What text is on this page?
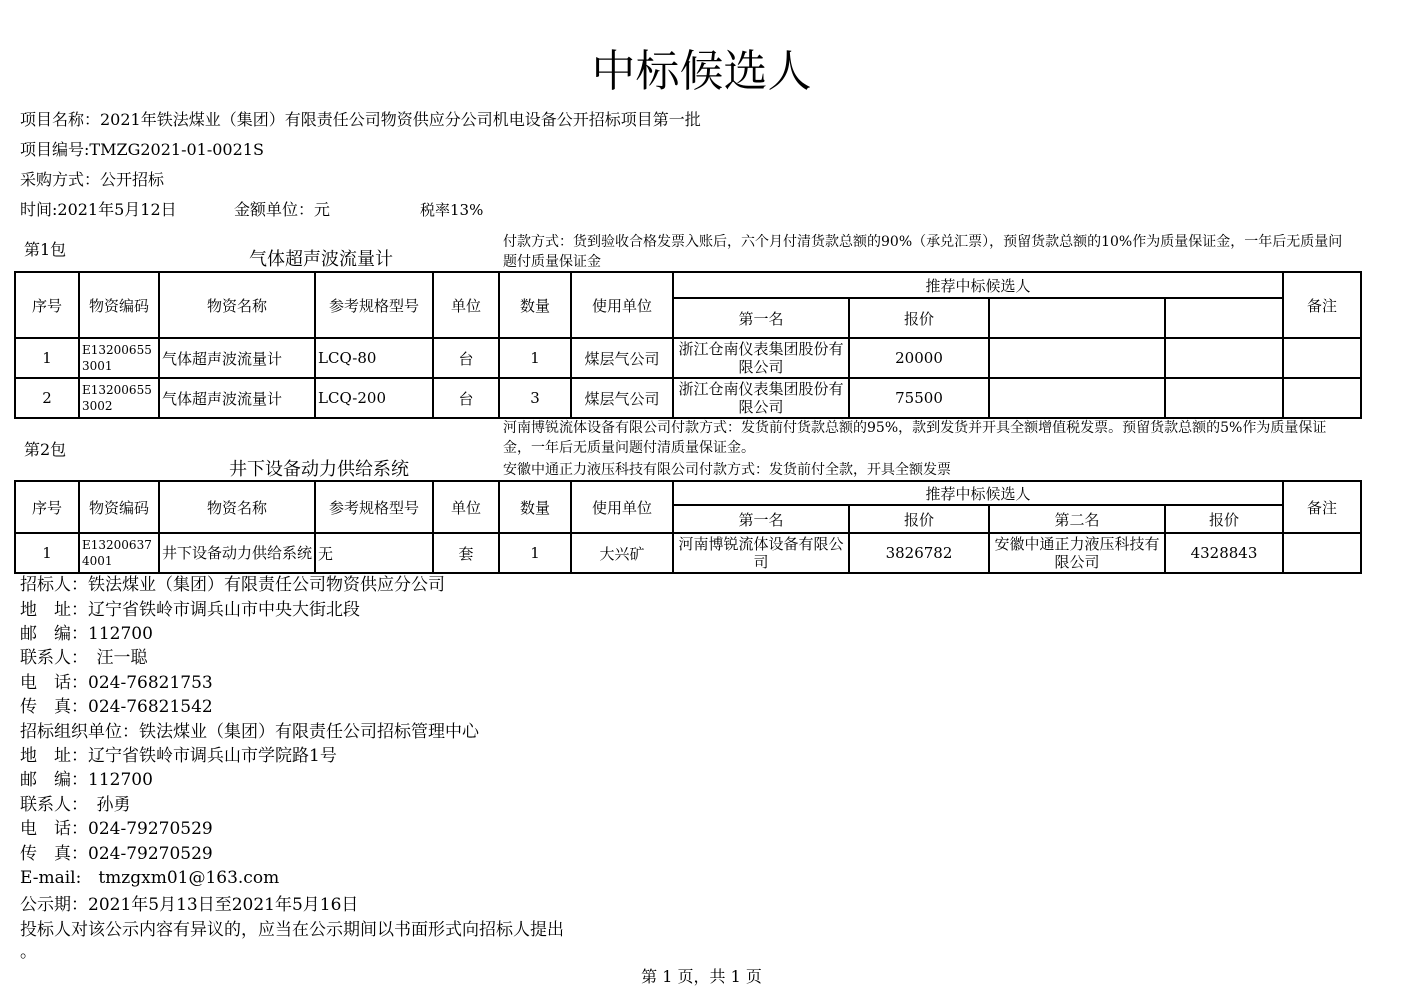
中标候选人
项目名称：2021年铁法煤业（集团）有限责任公司物资供应分公司机电设备公开招标项目第一批
项目编号:TMZG2021-01-0021S
采购方式：公开招标
时间:2021年5月12日	金额单位：元	税率13%
第1包	气体超声波流量计
付款方式：货到验收合格发票入账后，六个月付清货款总额的90%（承兑汇票），预留货款总额的10%作为质量保证金，一年后无质量问题付质量保证金
序号	物资编码	物资名称	参考规格型号	单位	数量	使用单位	推荐中标候选人				备注
							第一名	报价			
1	E132006553001	气体超声波流量计	LCQ-80	台	1	煤层气公司	浙江仓南仪表集团股份有限公司	20000			
2	E132006553002	气体超声波流量计	LCQ-200	台	3	煤层气公司	浙江仓南仪表集团股份有限公司	75500			
第2包
井下设备动力供给系统
河南博锐流体设备有限公司付款方式：发货前付货款总额的95%，款到发货并开具全额增值税发票。预留货款总额的5%作为质量保证金，一年后无质量问题付清质量保证金。
安徽中通正力液压科技有限公司付款方式：发货前付全款，开具全额发票
序号	物资编码	物资名称	参考规格型号	单位	数量	使用单位	推荐中标候选人				备注
							第一名	报价	第二名	报价	
1	E132006374001	井下设备动力供给系统	无	套	1	大兴矿	河南博锐流体设备有限公司	3826782	安徽中通正力液压科技有限公司	4328843	
招标人：铁法煤业（集团）有限责任公司物资供应分公司
地　址：辽宁省铁岭市调兵山市中央大街北段
邮　编：112700
联系人：　汪一聪
电　话：024-76821753
传　真：024-76821542
招标组织单位：铁法煤业（集团）有限责任公司招标管理中心
地　址：辽宁省铁岭市调兵山市学院路1号
邮　编：112700
联系人：　孙勇
电　话：024-79270529
传　真：024-79270529
E-mail:　tmzgxm01@163.com
公示期：2021年5月13日至2021年5月16日
投标人对该公示内容有异议的，应当在公示期间以书面形式向招标人提出
。
第 1 页，共 1 页
